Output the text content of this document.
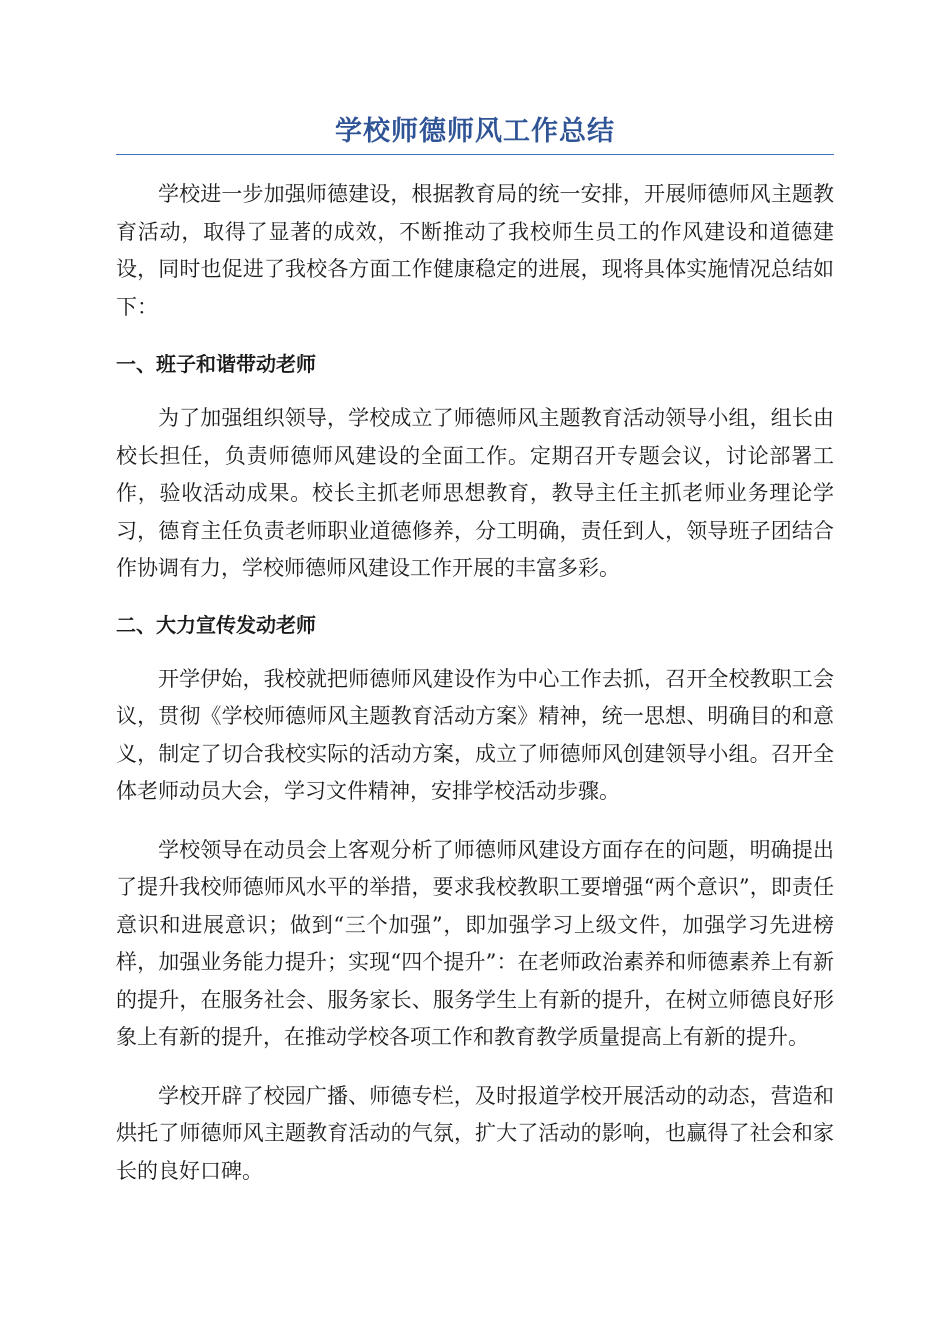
学校师德师风工作总结

学校进一步加强师德建设，根据教育局的统一安排，开展师德师风主题教育活动，取得了显著的成效，不断推动了我校师生员工的作风建设和道德建设，同时也促进了我校各方面工作健康稳定的进展，现将具体实施情况总结如下：

一、班子和谐带动老师

为了加强组织领导，学校成立了师德师风主题教育活动领导小组，组长由校长担任，负责师德师风建设的全面工作。定期召开专题会议，讨论部署工作，验收活动成果。校长主抓老师思想教育，教导主任主抓老师业务理论学习，德育主任负责老师职业道德修养，分工明确，责任到人，领导班子团结合作协调有力，学校师德师风建设工作开展的丰富多彩。

二、大力宣传发动老师

开学伊始，我校就把师德师风建设作为中心工作去抓，召开全校教职工会议，贯彻《学校师德师风主题教育活动方案》精神，统一思想、明确目的和意义，制定了切合我校实际的活动方案，成立了师德师风创建领导小组。召开全体老师动员大会，学习文件精神，安排学校活动步骤。

学校领导在动员会上客观分析了师德师风建设方面存在的问题，明确提出了提升我校师德师风水平的举措，要求我校教职工要增强“两个意识”，即责任意识和进展意识；做到“三个加强”，即加强学习上级文件，加强学习先进榜样，加强业务能力提升；实现“四个提升”：在老师政治素养和师德素养上有新的提升，在服务社会、服务家长、服务学生上有新的提升，在树立师德良好形象上有新的提升，在推动学校各项工作和教育教学质量提高上有新的提升。

学校开辟了校园广播、师德专栏，及时报道学校开展活动的动态，营造和烘托了师德师风主题教育活动的气氛，扩大了活动的影响，也赢得了社会和家长的良好口碑。
